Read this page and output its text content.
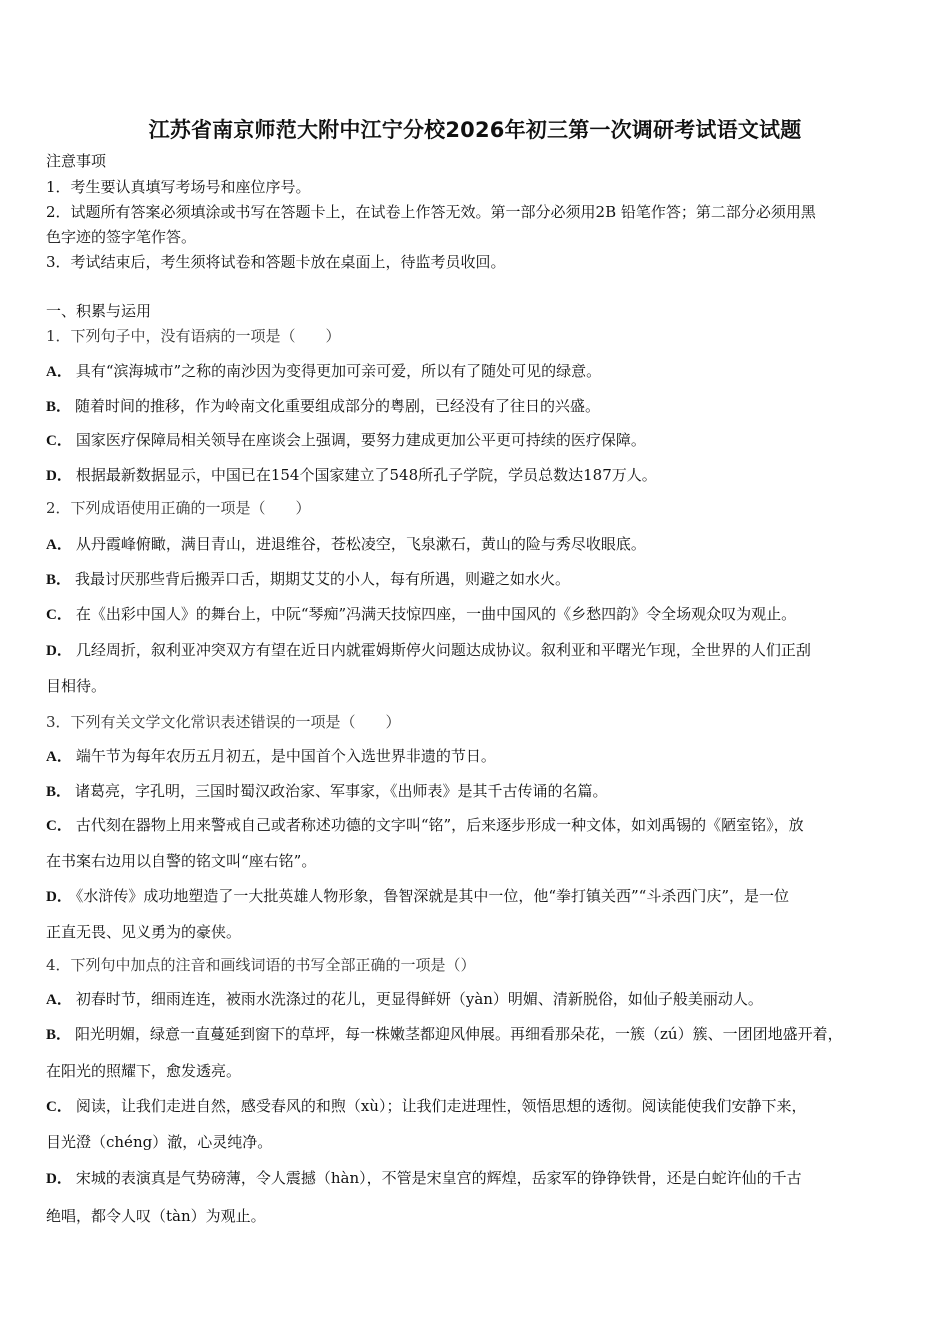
江苏省南京师范大附中江宁分校2026年初三第一次调研考试语文试题
注意事项
1．考生要认真填写考场号和座位序号。
2．试题所有答案必须填涂或书写在答题卡上，在试卷上作答无效。第一部分必须用2B 铅笔作答；第二部分必须用黑
色字迹的签字笔作答。
3．考试结束后，考生须将试卷和答题卡放在桌面上，待监考员收回。
一、积累与运用
1．下列句子中，没有语病的一项是（　　）
A． 具有“滨海城市”之称的南沙因为变得更加可亲可爱，所以有了随处可见的绿意。
B． 随着时间的推移，作为岭南文化重要组成部分的粤剧，已经没有了往日的兴盛。
C． 国家医疗保障局相关领导在座谈会上强调，要努力建成更加公平更可持续的医疗保障。
D． 根据最新数据显示，中国已在154个国家建立了548所孔子学院，学员总数达187万人。
2．下列成语使用正确的一项是（　　）
A． 从丹霞峰俯瞰，满目青山，进退维谷，苍松凌空，飞泉漱石，黄山的险与秀尽收眼底。
B． 我最讨厌那些背后搬弄口舌，期期艾艾的小人，每有所遇，则避之如水火。
C． 在《出彩中国人》的舞台上，中阮“琴痴”冯满天技惊四座，一曲中国风的《乡愁四韵》令全场观众叹为观止。
D． 几经周折，叙利亚冲突双方有望在近日内就霍姆斯停火问题达成协议。叙利亚和平曙光乍现，全世界的人们正刮
目相待。
3．下列有关文学文化常识表述错误的一项是（　　）
A． 端午节为每年农历五月初五，是中国首个入选世界非遗的节日。
B． 诸葛亮，字孔明，三国时蜀汉政治家、军事家，《出师表》是其千古传诵的名篇。
C． 古代刻在器物上用来警戒自己或者称述功德的文字叫“铭”，后来逐步形成一种文体，如刘禹锡的《陋室铭》，放
在书案右边用以自警的铭文叫“座右铭”。
D． 《水浒传》成功地塑造了一大批英雄人物形象，鲁智深就是其中一位，他“拳打镇关西”“斗杀西门庆”，是一位
正直无畏、见义勇为的豪侠。
4．下列句中加点的注音和画线词语的书写全部正确的一项是（）
A． 初春时节，细雨连连，被雨水洗涤过的花儿，更显得鲜妍（yàn）明媚、清新脱俗，如仙子般美丽动人。
B． 阳光明媚，绿意一直蔓延到窗下的草坪，每一株嫩茎都迎风伸展。再细看那朵花，一簇（zú）簇、一团团地盛开着，
在阳光的照耀下，愈发透亮。
C． 阅读，让我们走进自然，感受春风的和煦（xù）；让我们走进理性，领悟思想的透彻。阅读能使我们安静下来，
目光澄（chéng）澈，心灵纯净。
D． 宋城的表演真是气势磅薄，令人震撼（hàn），不管是宋皇宫的辉煌，岳家军的铮铮铁骨，还是白蛇许仙的千古
绝唱，都令人叹（tàn）为观止。
